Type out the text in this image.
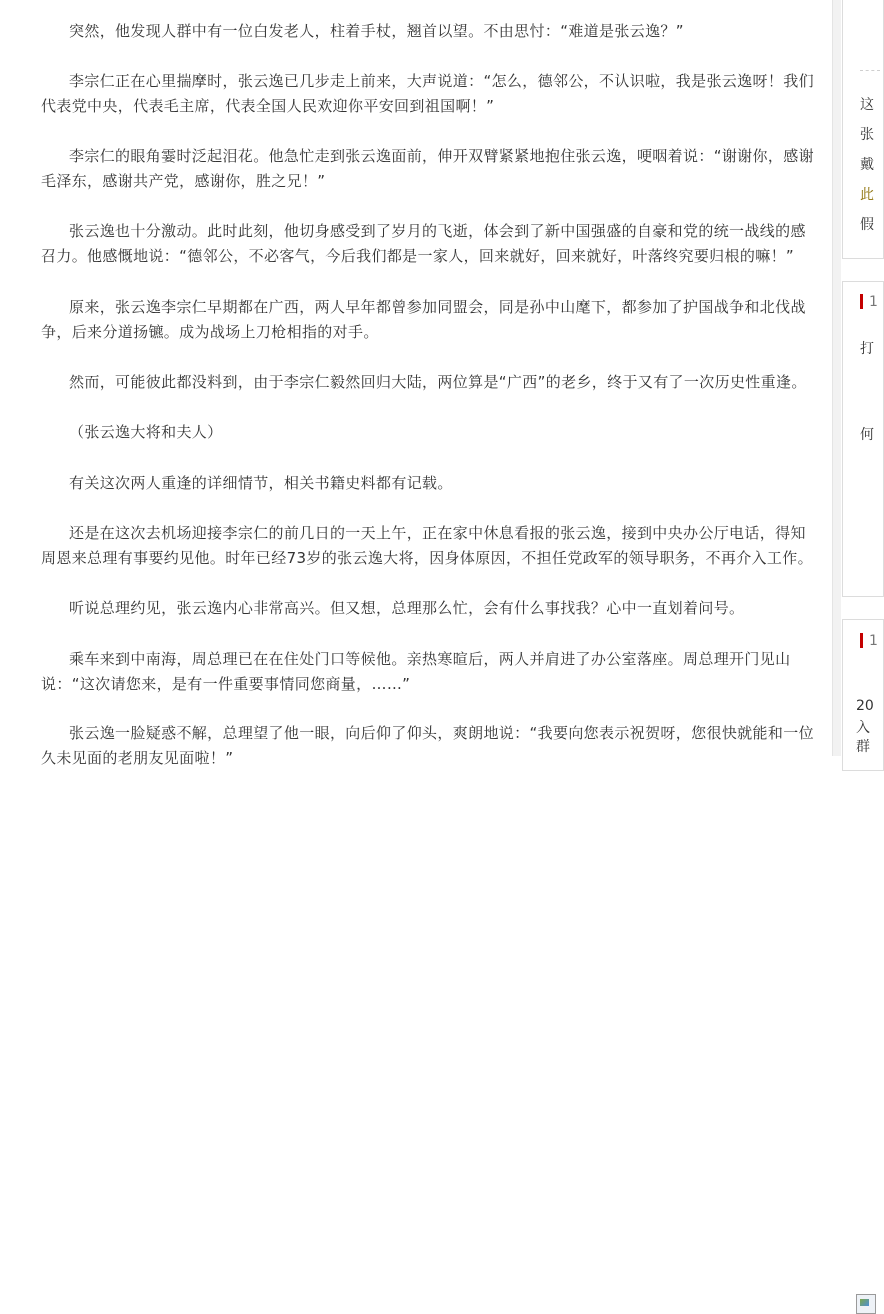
突然，他发现人群中有一位白发老人，柱着手杖，翘首以望。不由思忖：“难道是张云逸？”

李宗仁正在心里揣摩时，张云逸已几步走上前来，大声说道：“怎么，德邻公，不认识啦，我是张云逸呀！我们代表党中央，代表毛主席，代表全国人民欢迎你平安回到祖国啊！”

李宗仁的眼角霎时泛起泪花。他急忙走到张云逸面前，伸开双臂紧紧地抱住张云逸，哽咽着说：“谢谢你，感谢毛泽东，感谢共产党，感谢你，胜之兄！”

张云逸也十分激动。此时此刻，他切身感受到了岁月的飞逝，体会到了新中国强盛的自豪和党的统一战线的感召力。他感慨地说：“德邻公，不必客气，今后我们都是一家人，回来就好，回来就好，叶落终究要归根的嘛！”

原来，张云逸李宗仁早期都在广西，两人早年都曾参加同盟会，同是孙中山麾下，都参加了护国战争和北伐战争，后来分道扬镳。成为战场上刀枪相指的对手。

然而，可能彼此都没料到，由于李宗仁毅然回归大陆，两位算是“广西”的老乡，终于又有了一次历史性重逢。

（张云逸大将和夫人）

有关这次两人重逢的详细情节，相关书籍史料都有记载。

还是在这次去机场迎接李宗仁的前几日的一天上午，正在家中休息看报的张云逸，接到中央办公厅电话，得知周恩来总理有事要约见他。时年已经73岁的张云逸大将，因身体原因，不担任党政军的领导职务，不再介入工作。

听说总理约见，张云逸内心非常高兴。但又想，总理那么忙，会有什么事找我？心中一直划着问号。

乘车来到中南海，周总理已在在住处门口等候他。亲热寒暄后，两人并肩进了办公室落座。周总理开门见山说：“这次请您来，是有一件重要事情同您商量，……”

张云逸一脸疑惑不解，总理望了他一眼，向后仰了仰头，爽朗地说：“我要向您表示祝贺呀，您很快就能和一位久未见面的老朋友见面啦！”

这
张
戴
此
假
1
打
何
1
20
入
群
